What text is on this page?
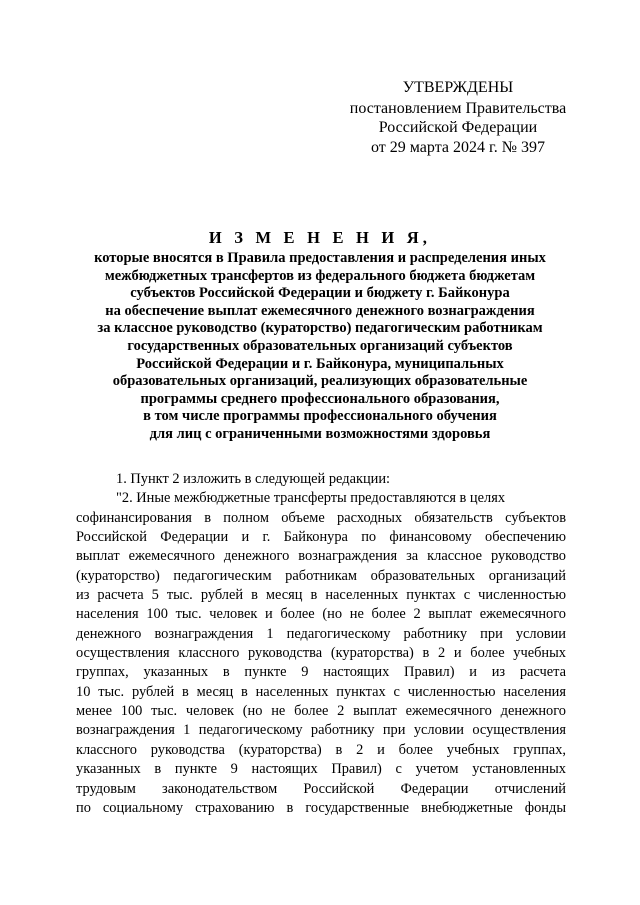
УТВЕРЖДЕНЫ
постановлением Правительства
Российской Федерации
от 29 марта 2024 г. № 397
И З М Е Н Е Н И Я,
которые вносятся в Правила предоставления и распределения иных
межбюджетных трансфертов из федерального бюджета бюджетам
субъектов Российской Федерации и бюджету г. Байконура
на обеспечение выплат ежемесячного денежного вознаграждения
за классное руководство (кураторство) педагогическим работникам
государственных образовательных организаций субъектов
Российской Федерации и г. Байконура, муниципальных
образовательных организаций, реализующих образовательные
программы среднего профессионального образования,
в том числе программы профессионального обучения
для лиц с ограниченными возможностями здоровья
1. Пункт 2 изложить в следующей редакции:
"2. Иные межбюджетные трансферты предоставляются в целях
софинансирования в полном объеме расходных обязательств субъектов
Российской Федерации и г. Байконура по финансовому обеспечению
выплат ежемесячного денежного вознаграждения за классное руководство
(кураторство) педагогическим работникам образовательных организаций
из расчета 5 тыс. рублей в месяц в населенных пунктах с численностью
населения 100 тыс. человек и более (но не более 2 выплат ежемесячного
денежного вознаграждения 1 педагогическому работнику при условии
осуществления классного руководства (кураторства) в 2 и более учебных
группах, указанных в пункте 9 настоящих Правил) и из расчета
10 тыс. рублей в месяц в населенных пунктах с численностью населения
менее 100 тыс. человек (но не более 2 выплат ежемесячного денежного
вознаграждения 1 педагогическому работнику при условии осуществления
классного руководства (кураторства) в 2 и более учебных группах,
указанных в пункте 9 настоящих Правил) с учетом установленных
трудовым законодательством Российской Федерации отчислений
по социальному страхованию в государственные внебюджетные фонды
